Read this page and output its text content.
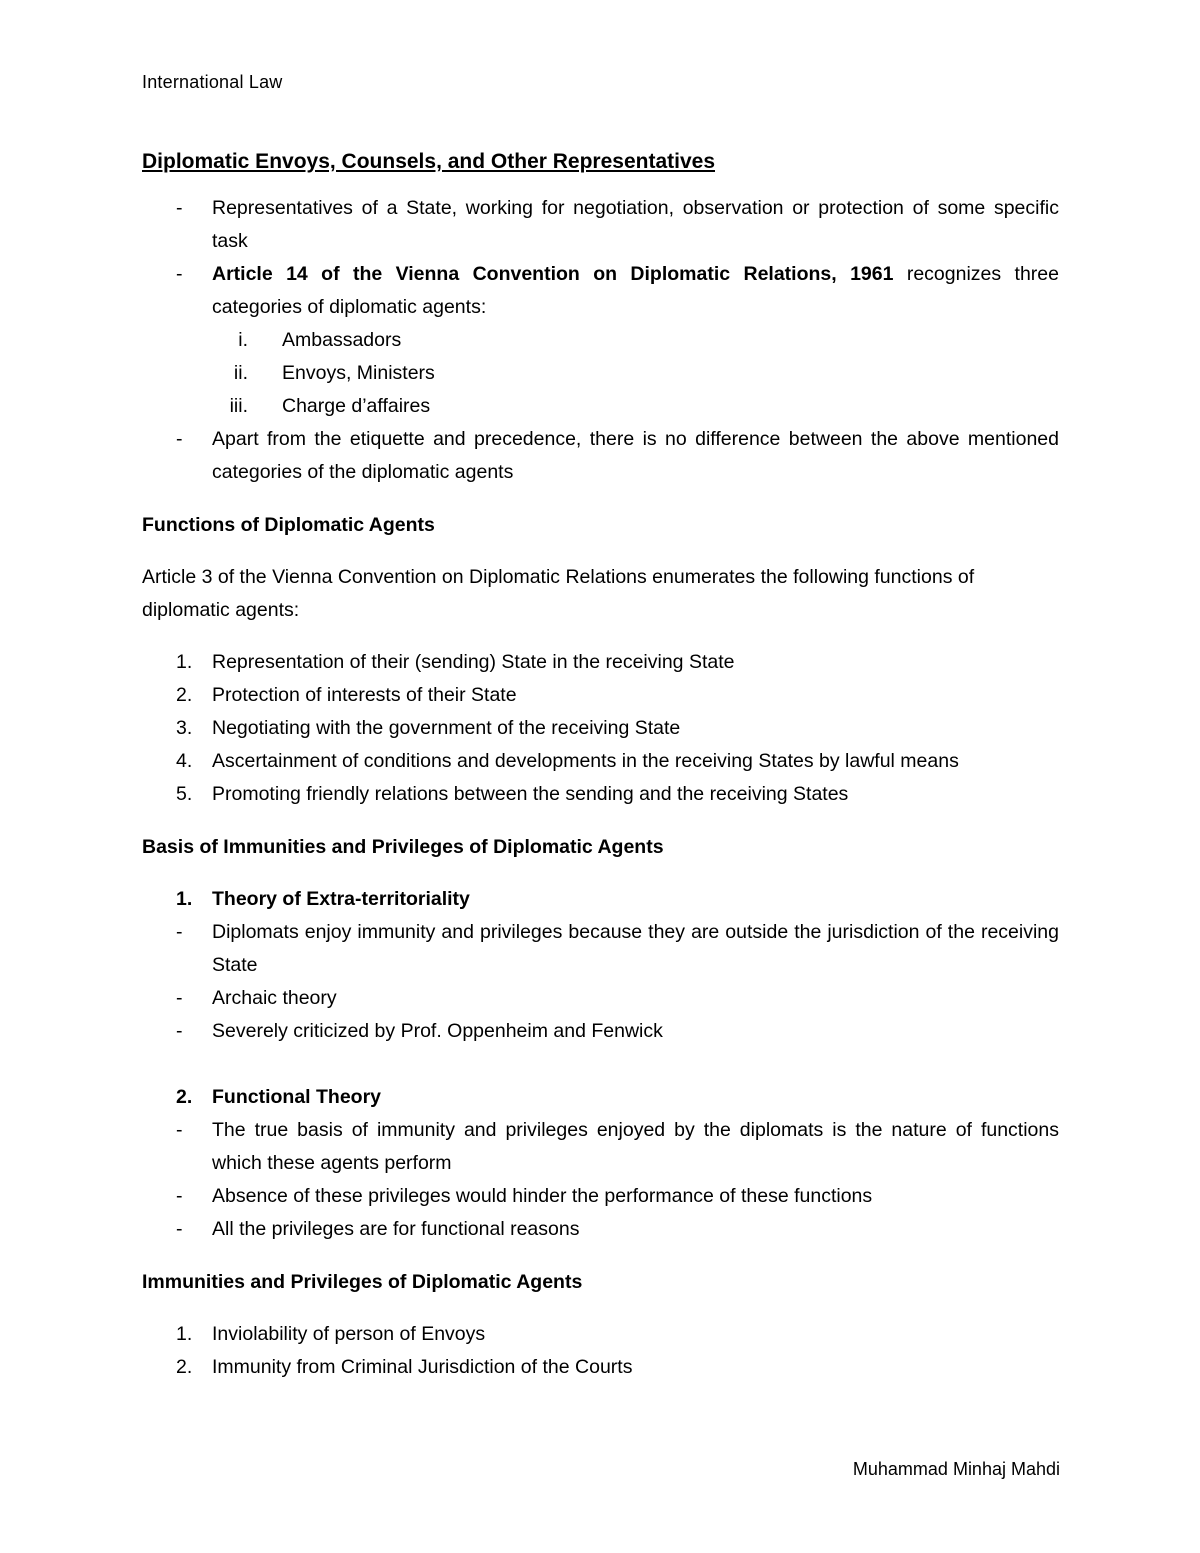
International Law
Diplomatic Envoys, Counsels, and Other Representatives
- Representatives of a State, working for negotiation, observation or protection of some specific task
- Article 14 of the Vienna Convention on Diplomatic Relations, 1961 recognizes three categories of diplomatic agents:
i. Ambassadors
ii. Envoys, Ministers
iii. Charge d’affaires
- Apart from the etiquette and precedence, there is no difference between the above mentioned categories of the diplomatic agents
Functions of Diplomatic Agents
Article 3 of the Vienna Convention on Diplomatic Relations enumerates the following functions of diplomatic agents:
1. Representation of their (sending) State in the receiving State
2. Protection of interests of their State
3. Negotiating with the government of the receiving State
4. Ascertainment of conditions and developments in the receiving States by lawful means
5. Promoting friendly relations between the sending and the receiving States
Basis of Immunities and Privileges of Diplomatic Agents
1. Theory of Extra-territoriality
- Diplomats enjoy immunity and privileges because they are outside the jurisdiction of the receiving State
- Archaic theory
- Severely criticized by Prof. Oppenheim and Fenwick
2. Functional Theory
- The true basis of immunity and privileges enjoyed by the diplomats is the nature of functions which these agents perform
- Absence of these privileges would hinder the performance of these functions
- All the privileges are for functional reasons
Immunities and Privileges of Diplomatic Agents
1. Inviolability of person of Envoys
2. Immunity from Criminal Jurisdiction of the Courts
Muhammad Minhaj Mahdi
